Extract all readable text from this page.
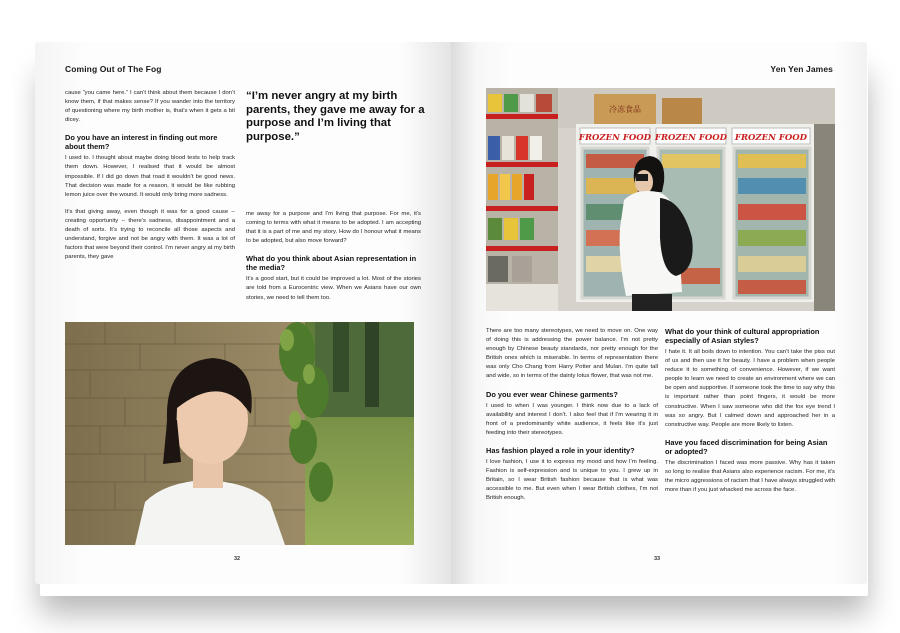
Coming Out of The Fog

cause “you came here.” I can’t think about them because I don’t know them, if that makes sense? If you wander into the territory of questioning where my birth mother is, that’s when it gets a bit dicey.

Do you have an interest in finding out more about them?

I used to. I thought about maybe doing blood tests to help track them down. However, I realised that it would be almost impossible. If I did go down that road it wouldn’t be good news. That decision was made for a reason, it would be like rubbing lemon juice over the wound. It would only bring more sadness.

It’s that giving away, even though it was for a good cause -- creating opportunity -- there’s sadness, disappointment and a death of sorts. It’s trying to reconcile all those aspects and understand, forgive and not be angry with them. It was a lot of factors that were beyond their control. I’m never angry at my birth parents, they gave

“I’m never angry at my birth parents, they gave me away for a purpose and I’m living that purpose.”

me away for a purpose and I’m living that purpose. For me, it’s coming to terms with what it means to be adopted. I am accepting that it is a part of me and my story. How do I honour what it means to be adopted, but also move forward?

What do you think about Asian representation in the media?

It’s a good start, but it could be improved a lot. Most of the stories are told from a Eurocentric view. When we Asians have our own stories, we need to tell them too.

32
Yen Yen James
冷冻食品
FROZEN FOOD FROZEN FOOD FROZEN FOOD

There are too many stereotypes, we need to move on. One way of doing this is addressing the power balance. I’m not pretty enough by Chinese beauty standards, nor pretty enough for the British ones which is miserable. In terms of representation there was only Cho Chang from Harry Potter and Mulan. I’m quite tall and wide, so in terms of the dainty lotus flower, that was not me.

Do you ever wear Chinese garments?

I used to when I was younger. I think now due to a lack of availability and interest I don’t. I also feel that if I’m wearing it in front of a predominantly white audience, it feels like it’s just feeding into their stereotypes.

Has fashion played a role in your identity?

I love fashion, I use it to express my mood and how I’m feeling. Fashion is self-expression and is unique to you. I grew up in Britain, so I wear British fashion because that is what was accessible to me. But even when I wear British clothes, I’m not British enough.

What do your think of cultural appropriation especially of Asian styles?

I hate it. It all boils down to intention. You can’t take the piss out of us and then use it for beauty. I have a problem when people reduce it to something of convenience. However, if we want people to learn we need to create an environment where we can be open and supportive. If someone took the time to say why this is important rather than point fingers, it would be more constructive. When I saw someone who did the fox eye trend I was so angry. But I calmed down and approached her in a constructive way. People are more likely to listen.

Have you faced discrimination for being Asian or adopted?

The discrimination I faced was more passive. Why has it taken so long to realise that Asians also experience racism. For me, it’s the micro aggressions of racism that I have always struggled with more than if you just whacked me across the face.

33
